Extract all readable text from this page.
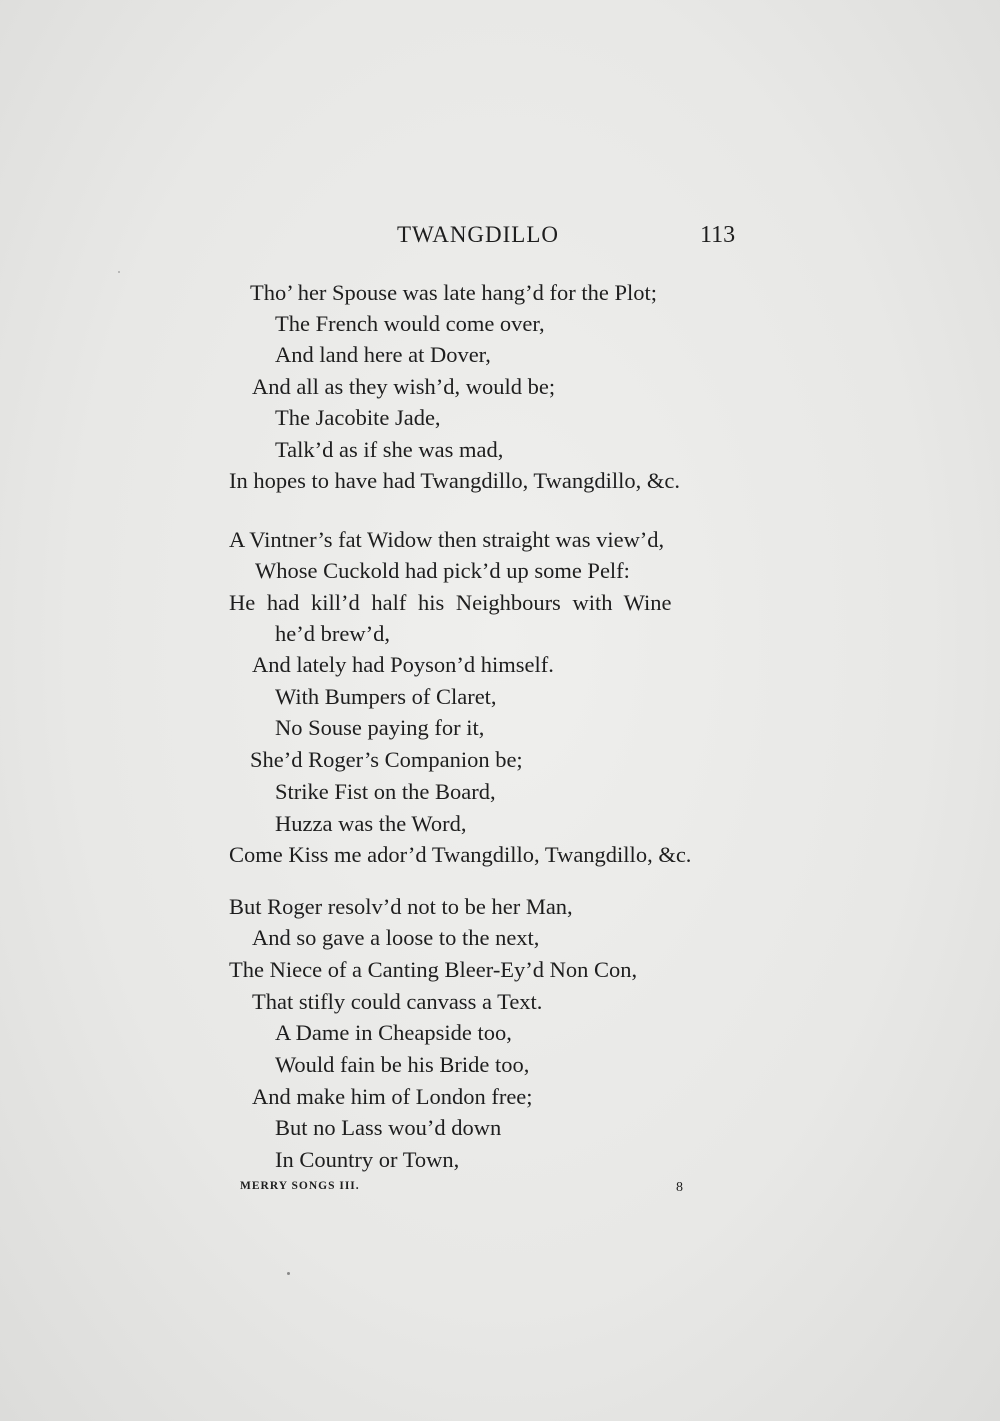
TWANGDILLO	113
Tho’ her Spouse was late hang’d for the Plot;
The French would come over,
And land here at Dover,
And all as they wish’d, would be;
The Jacobite Jade,
Talk’d as if she was mad,
In hopes to have had Twangdillo, Twangdillo, &c.
A Vintner’s fat Widow then straight was view’d,
Whose Cuckold had pick’d up some Pelf:
He had kill’d half his Neighbours with Wine
he’d brew’d,
And lately had Poyson’d himself.
With Bumpers of Claret,
No Souse paying for it,
She’d Roger’s Companion be;
Strike Fist on the Board,
Huzza was the Word,
Come Kiss me ador’d Twangdillo, Twangdillo, &c.
But Roger resolv’d not to be her Man,
And so gave a loose to the next,
The Niece of a Canting Bleer-Ey’d Non Con,
That stifly could canvass a Text.
A Dame in Cheapside too,
Would fain be his Bride too,
And make him of London free;
But no Lass wou’d down
In Country or Town,
MERRY SONGS III.	8
